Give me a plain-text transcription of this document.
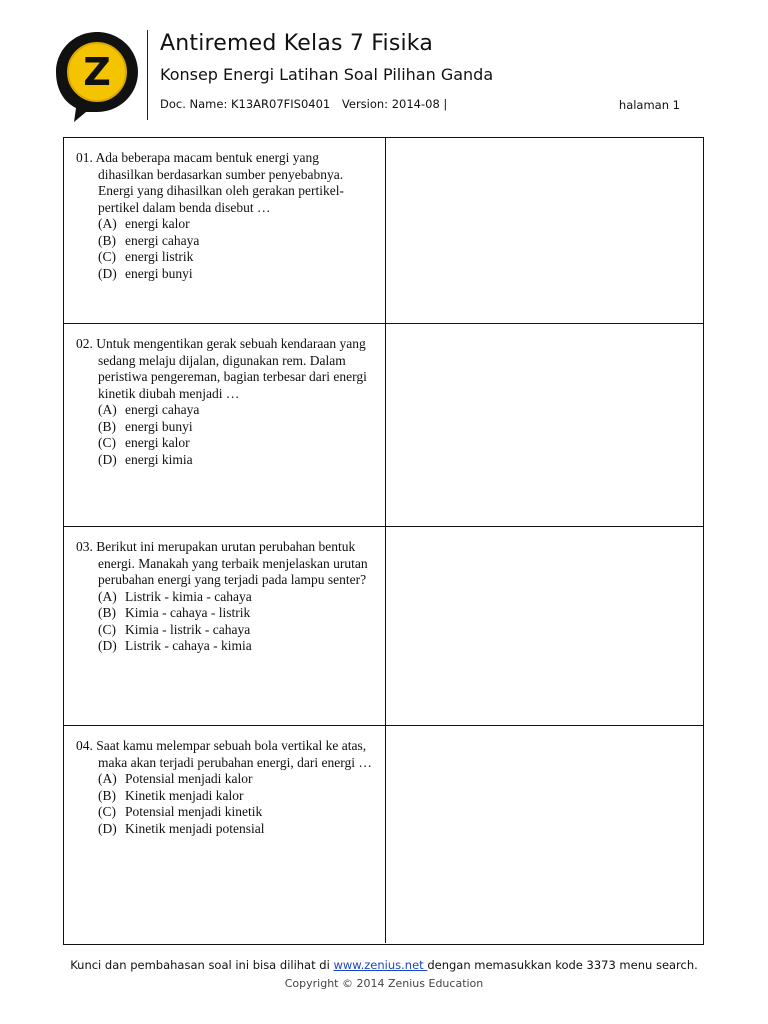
Z
Antiremed Kelas 7 Fisika
Konsep Energi Latihan Soal Pilihan Ganda
Doc. Name: K13AR07FIS0401 Version: 2014-08 |	halaman 1

01. Ada beberapa macam bentuk energi yang dihasilkan berdasarkan sumber penyebabnya. Energi yang dihasilkan oleh gerakan pertikel-pertikel dalam benda disebut …

(A) energi kalor
(B) energi cahaya
(C) energi listrik
(D) energi bunyi

02. Untuk mengentikan gerak sebuah kendaraan yang sedang melaju dijalan, digunakan rem. Dalam peristiwa pengereman, bagian terbesar dari energi kinetik diubah menjadi …

(A) energi cahaya
(B) energi bunyi
(C) energi kalor
(D) energi kimia

03. Berikut ini merupakan urutan perubahan bentuk energi. Manakah yang terbaik menjelaskan urutan perubahan energi yang terjadi pada lampu senter?

(A) Listrik - kimia - cahaya
(B) Kimia - cahaya - listrik
(C) Kimia - listrik - cahaya
(D) Listrik - cahaya - kimia

04. Saat kamu melempar sebuah bola vertikal ke atas, maka akan terjadi perubahan energi, dari energi …

(A) Potensial menjadi kalor
(B) Kinetik menjadi kalor
(C) Potensial menjadi kinetik
(D) Kinetik menjadi potensial
Kunci dan pembahasan soal ini bisa dilihat di www.zenius.net dengan memasukkan kode 3373 menu search.
Copyright © 2014 Zenius Education
